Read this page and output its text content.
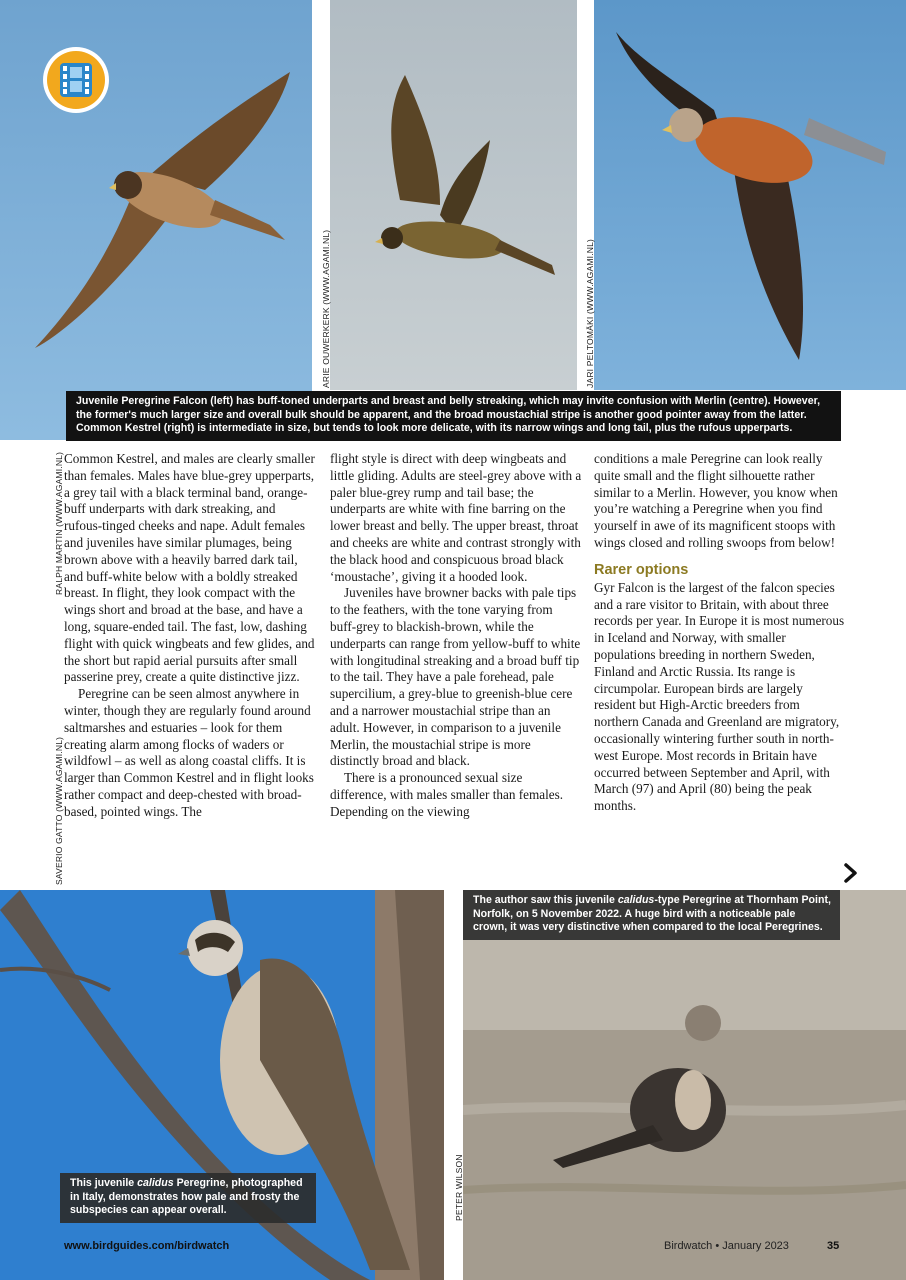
ARIE OUWERKERK (WWW.AGAMI.NL)	JARI PELTOMÄKI (WWW.AGAMI.NL)
Juvenile Peregrine Falcon (left) has buff-toned underparts and breast and belly streaking, which may invite confusion with Merlin (centre). However, the former's much larger size and overall bulk should be apparent, and the broad moustachial stripe is another good pointer away from the latter. Common Kestrel (right) is intermediate in size, but tends to look more delicate, with its narrow wings and long tail, plus the rufous upperparts.
RALPH MARTIN (WWW.AGAMI.NL)
SAVERIO GATTO (WWW.AGAMI.NL)

Common Kestrel, and males are clearly smaller than females. Males have blue-grey upperparts, a grey tail with a black terminal band, orange-buff underparts with dark streaking, and rufous-tinged cheeks and nape. Adult females and juveniles have similar plumages, being brown above with a heavily barred dark tail, and buff-white below with a boldly streaked breast. In flight, they look compact with the wings short and broad at the base, and have a long, square-ended tail. The fast, low, dashing flight with quick wingbeats and few glides, and the short but rapid aerial pursuits after small passerine prey, create a quite distinctive jizz.

Peregrine can be seen almost anywhere in winter, though they are regularly found around saltmarshes and estuaries – look for them creating alarm among flocks of waders or wildfowl – as well as along coastal cliffs. It is larger than Common Kestrel and in flight looks rather compact and deep-chested with broad-based, pointed wings. The

flight style is direct with deep wingbeats and little gliding. Adults are steel-grey above with a paler blue-grey rump and tail base; the underparts are white with fine barring on the lower breast and belly. The upper breast, throat and cheeks are white and contrast strongly with the black hood and conspicuous broad black ‘moustache’, giving it a hooded look.

Juveniles have browner backs with pale tips to the feathers, with the tone varying from buff-grey to blackish-brown, while the underparts can range from yellow-buff to white with longitudinal streaking and a broad buff tip to the tail. They have a pale forehead, pale supercilium, a grey-blue to greenish-blue cere and a narrower moustachial stripe than an adult. However, in comparison to a juvenile Merlin, the moustachial stripe is more distinctly broad and black.

There is a pronounced sexual size difference, with males smaller than females. Depending on the viewing

conditions a male Peregrine can look really quite small and the flight silhouette rather similar to a Merlin. However, you know when you’re watching a Peregrine when you find yourself in awe of its magnificent stoops with wings closed and rolling swoops from below!

Rarer options

Gyr Falcon is the largest of the falcon species and a rare visitor to Britain, with about three records per year. In Europe it is most numerous in Iceland and Norway, with smaller populations breeding in northern Sweden, Finland and Arctic Russia. Its range is circumpolar. European birds are largely resident but High-Arctic breeders from northern Canada and Greenland are migratory, occasionally wintering further south in north-west Europe. Most records in Britain have occurred between September and April, with March (97) and April (80) being the peak months.

This juvenile calidus Peregrine, photographed in Italy, demonstrates how pale and frosty the subspecies can appear overall.	PETER WILSON
The author saw this juvenile calidus-type Peregrine at Thornham Point, Norfolk, on 5 November 2022. A huge bird with a noticeable pale crown, it was very distinctive when compared to the local Peregrines.
www.birdguides.com/birdwatch	Birdwatch • January 2023	35
